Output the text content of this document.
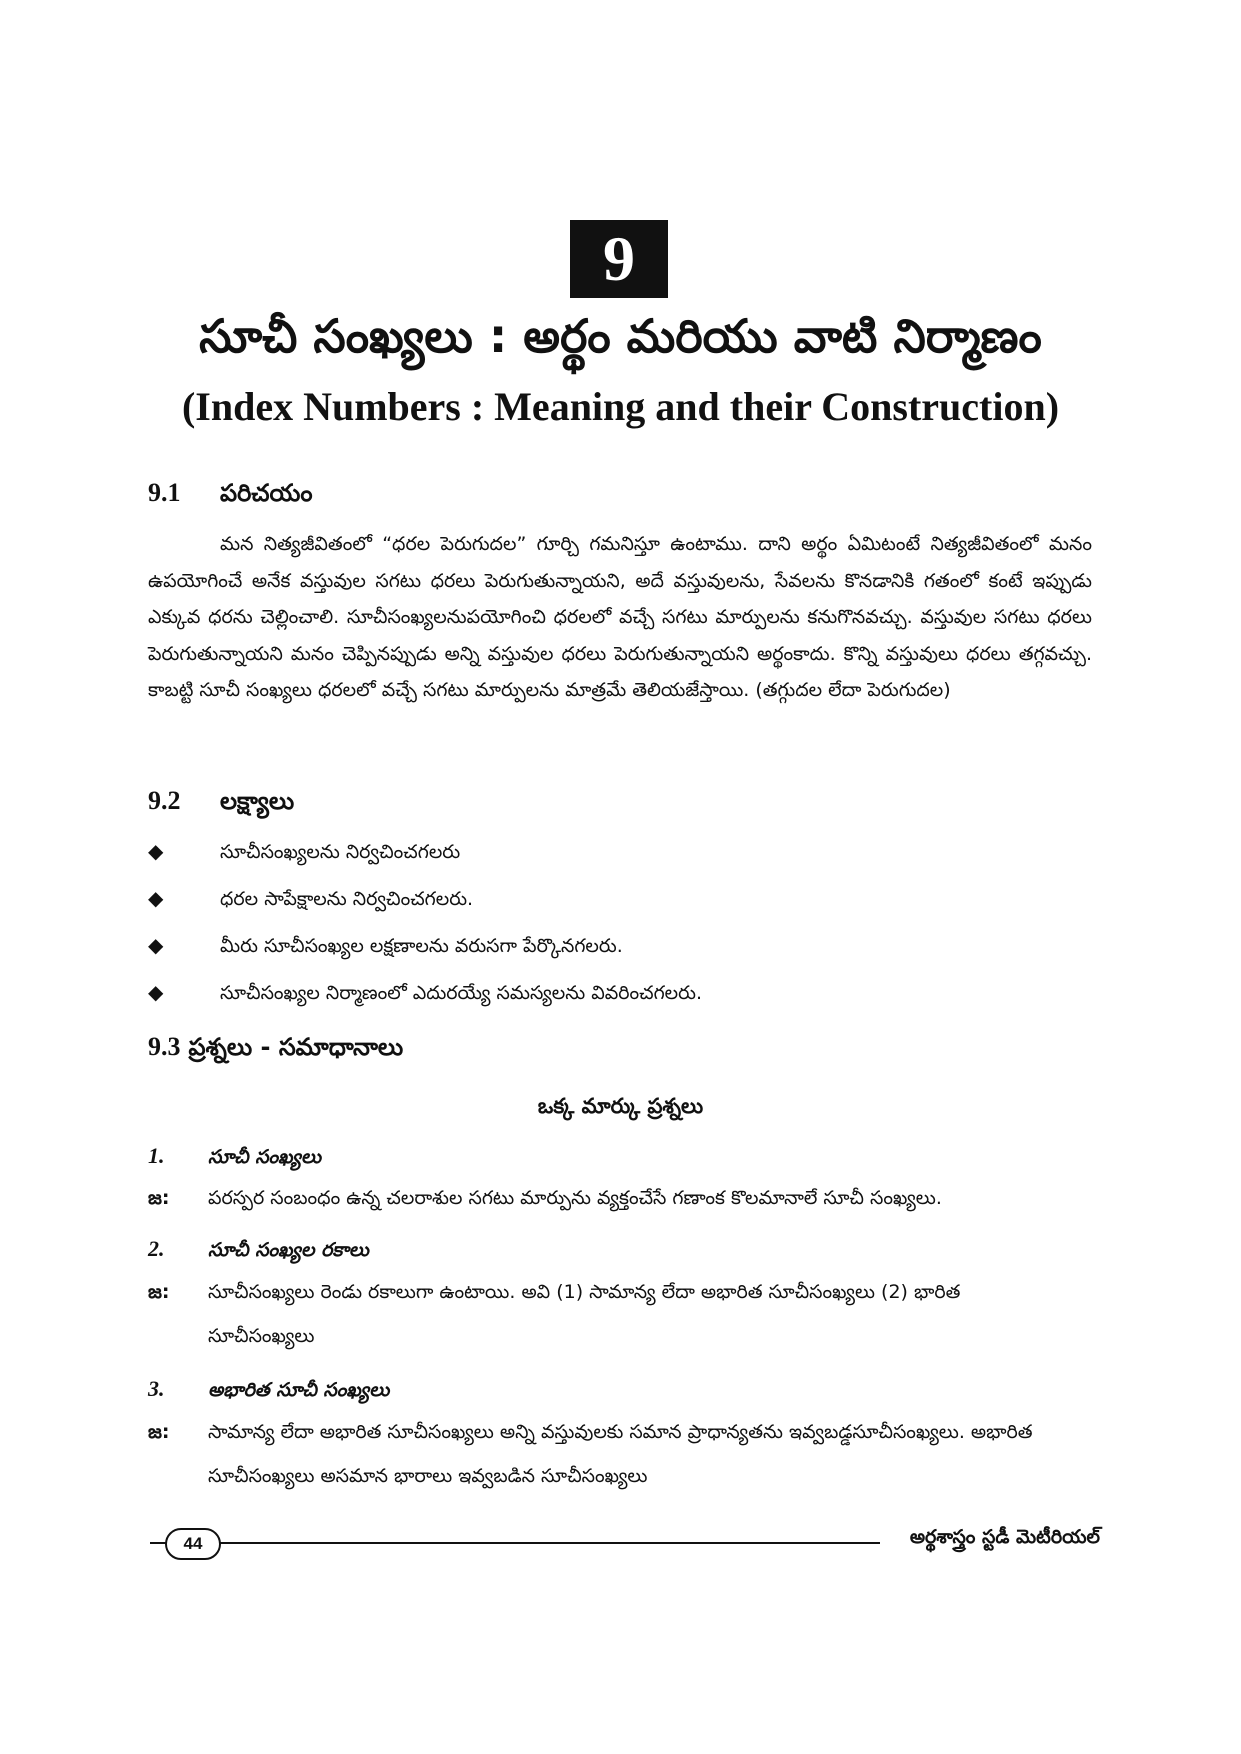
9
సూచీ సంఖ్యలు : అర్థం మరియు వాటి నిర్మాణం
(Index Numbers : Meaning and their Construction)
9.1 పరిచయం
మన నిత్యజీవితంలో “ధరల పెరుగుదల” గూర్చి గమనిస్తూ ఉంటాము. దాని అర్థం ఏమిటంటే నిత్యజీవితంలో మనం ఉపయోగించే అనేక వస్తువుల సగటు ధరలు పెరుగుతున్నాయని, అదే వస్తువులను, సేవలను కొనడానికి గతంలో కంటే ఇప్పుడు ఎక్కువ ధరను చెల్లించాలి. సూచీసంఖ్యలనుపయోగించి ధరలలో వచ్చే సగటు మార్పులను కనుగొనవచ్చు. వస్తువుల సగటు ధరలు పెరుగుతున్నాయని మనం చెప్పినప్పుడు అన్ని వస్తువుల ధరలు పెరుగుతున్నాయని అర్థంకాదు. కొన్ని వస్తువులు ధరలు తగ్గవచ్చు. కాబట్టి సూచీ సంఖ్యలు ధరలలో వచ్చే సగటు మార్పులను మాత్రమే తెలియజేస్తాయి. (తగ్గుదల లేదా పెరుగుదల)
9.2 లక్ష్యాలు
◆	సూచీసంఖ్యలను నిర్వచించగలరు
◆	ధరల సాపేక్షాలను నిర్వచించగలరు.
◆	మీరు సూచీసంఖ్యల లక్షణాలను వరుసగా పేర్కొనగలరు.
◆	సూచీసంఖ్యల నిర్మాణంలో ఎదురయ్యే సమస్యలను వివరించగలరు.
9.3 ప్రశ్నలు - సమాధానాలు
ఒక్క మార్కు ప్రశ్నలు
1. సూచీ సంఖ్యలు
జ: పరస్పర సంబంధం ఉన్న చలరాశుల సగటు మార్పును వ్యక్తంచేసే గణాంక కొలమానాలే సూచీ సంఖ్యలు.
2. సూచీ సంఖ్యల రకాలు
జ: సూచీసంఖ్యలు రెండు రకాలుగా ఉంటాయి. అవి (1) సామాన్య లేదా అభారిత సూచీసంఖ్యలు (2) భారిత సూచీసంఖ్యలు
3. అభారిత సూచీ సంఖ్యలు
జ: సామాన్య లేదా అభారిత సూచీసంఖ్యలు అన్ని వస్తువులకు సమాన ప్రాధాన్యతను ఇవ్వబడ్డసూచీసంఖ్యలు. అభారిత సూచీసంఖ్యలు అసమాన భారాలు ఇవ్వబడిన సూచీసంఖ్యలు
44	అర్థశాస్త్రం స్టడీ మెటీరియల్
